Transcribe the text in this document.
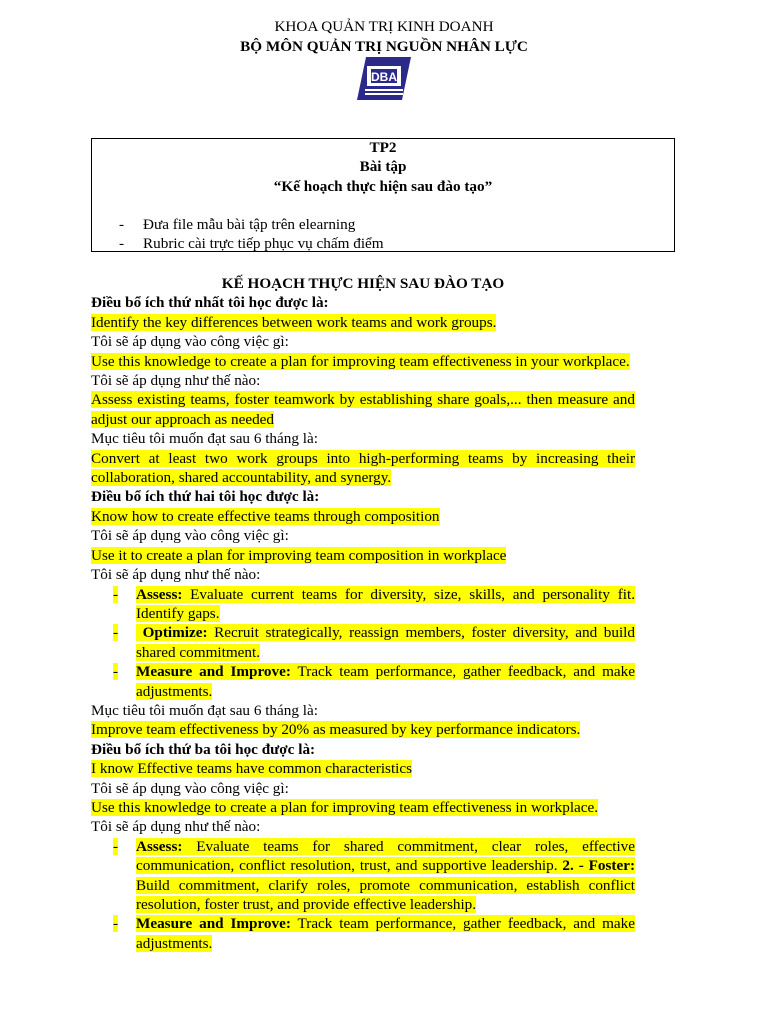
KHOA QUẢN TRỊ KINH DOANH
BỘ MÔN QUẢN TRỊ NGUỒN NHÂN LỰC
DBA
TP2
Bài tập
“Kế hoạch thực hiện sau đào tạo”
- Đưa file mẫu bài tập trên elearning
- Rubric cài trực tiếp phục vụ chấm điểm
KẾ HOẠCH THỰC HIỆN SAU ĐÀO TẠO
Điều bổ ích thứ nhất tôi học được là:
Identify the key differences between work teams and work groups.
Tôi sẽ áp dụng vào công việc gì:
Use this knowledge to create a plan for improving team effectiveness in your workplace.
Tôi sẽ áp dụng như thế nào:
Assess existing teams, foster teamwork by establishing share goals,... then measure and adjust our approach as needed
Mục tiêu tôi muốn đạt sau 6 tháng là:
Convert at least two work groups into high-performing teams by increasing their collaboration, shared accountability, and synergy.
Điều bổ ích thứ hai tôi học được là:
Know how to create effective teams through composition
Tôi sẽ áp dụng vào công việc gì:
Use it to create a plan for improving team composition in workplace
Tôi sẽ áp dụng như thế nào:
-	Assess: Evaluate current teams for diversity, size, skills, and personality fit. Identify gaps.
-	Optimize: Recruit strategically, reassign members, foster diversity, and build shared commitment.
-	Measure and Improve: Track team performance, gather feedback, and make adjustments.
Mục tiêu tôi muốn đạt sau 6 tháng là:
Improve team effectiveness by 20% as measured by key performance indicators.
Điều bổ ích thứ ba tôi học được là:
I know Effective teams have common characteristics
Tôi sẽ áp dụng vào công việc gì:
Use this knowledge to create a plan for improving team effectiveness in workplace.
Tôi sẽ áp dụng như thế nào:
-	Assess: Evaluate teams for shared commitment, clear roles, effective communication, conflict resolution, trust, and supportive leadership. 2. - Foster: Build commitment, clarify roles, promote communication, establish conflict resolution, foster trust, and provide effective leadership.
-	Measure and Improve: Track team performance, gather feedback, and make adjustments.
